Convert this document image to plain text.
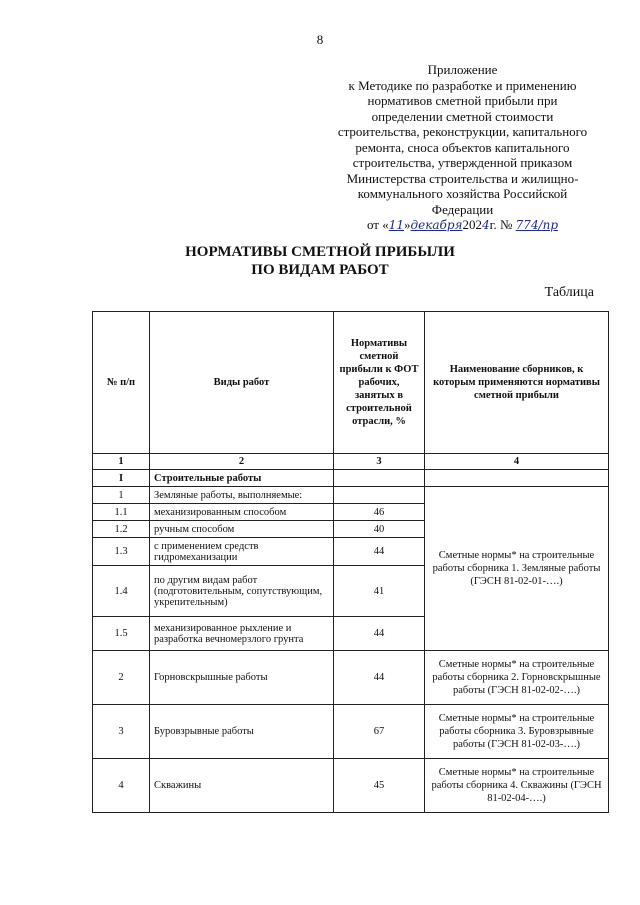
8
Приложение
к Методике по разработке и применению
нормативов сметной прибыли при
определении сметной стоимости
строительства, реконструкции, капитального
ремонта, сноса объектов капитального
строительства, утвержденной приказом
Министерства строительства и жилищно-
коммунального хозяйства Российской
Федерации
от «11»декабря2024г. № 774/пр
НОРМАТИВЫ СМЕТНОЙ ПРИБЫЛИ
ПО ВИДАМ РАБОТ
Таблица
№ п/п	Виды работ	Нормативы сметной прибыли к ФОТ рабочих, занятых в строительной отрасли, %	Наименование сборников, к которым применяются нормативы сметной прибыли
1	2	3	4
I	Строительные работы		
1	Земляные работы, выполняемые:		Сметные нормы* на строительные работы сборника 1. Земляные работы (ГЭСН 81-02-01-….)
1.1	механизированным способом	46	
1.2	ручным способом	40	
1.3	с применением средств гидромеханизации	44	
1.4	по другим видам работ (подготовительным, сопутствующим, укрепительным)	41	
1.5	механизированное рыхление и разработка вечномерзлого грунта	44	
2	Горновскрышные работы	44	Сметные нормы* на строительные работы сборника 2. Горновскрышные работы (ГЭСН 81-02-02-….)
3	Буровзрывные работы	67	Сметные нормы* на строительные работы сборника 3. Буровзрывные работы (ГЭСН 81-02-03-….)
4	Скважины	45	Сметные нормы* на строительные работы сборника 4. Скважины (ГЭСН 81-02-04-….)
